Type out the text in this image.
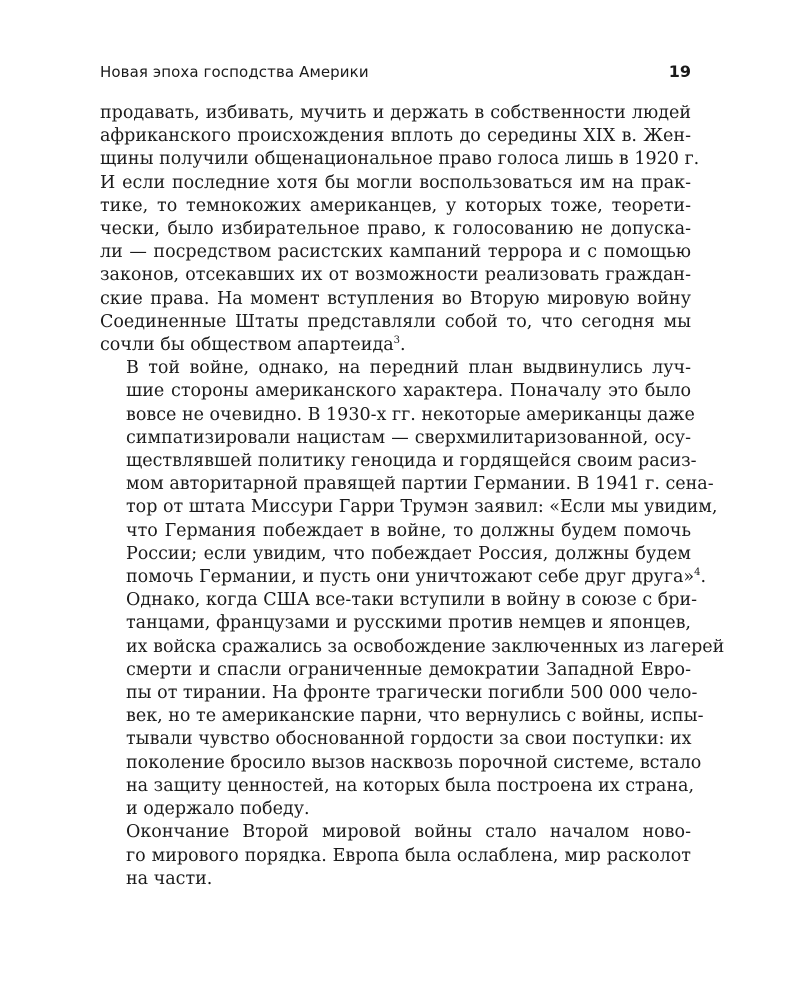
Новая эпоха господства Америки	19

продавать, избивать, мучить и держать в собственности людей
африканского происхождения вплоть до середины XIX в. Жен-
щины получили общенациональное право голоса лишь в 1920 г.
И если последние хотя бы могли воспользоваться им на прак-
тике, то темнокожих американцев, у которых тоже, теорети-
чески, было избирательное право, к голосованию не допуска-
ли — посредством расистских кампаний террора и с помощью
законов, отсекавших их от возможности реализовать граждан-
ские права. На момент вступления во Вторую мировую войну
Соединенные Штаты представляли собой то, что сегодня мы
сочли бы обществом апартеида$^3$.

В той войне, однако, на передний план выдвинулись луч-
шие стороны американского характера. Поначалу это было
вовсе не очевидно. В 1930-х гг. некоторые американцы даже
симпатизировали нацистам — сверхмилитаризованной, осу-
ществлявшей политику геноцида и гордящейся своим расиз-
мом авторитарной правящей партии Германии. В 1941 г. сена-
тор от штата Миссури Гарри Трумэн заявил: «Если мы увидим,
что Германия побеждает в войне, то должны будем помочь
России; если увидим, что побеждает Россия, должны будем
помочь Германии, и пусть они уничтожают себе друг друга»$^4$.
Однако, когда США все-таки вступили в войну в союзе с бри-
танцами, французами и русскими против немцев и японцев,
их войска сражались за освобождение заключенных из лагерей
смерти и спасли ограниченные демократии Западной Евро-
пы от тирании. На фронте трагически погибли 500 000 чело-
век, но те американские парни, что вернулись с войны, испы-
тывали чувство обоснованной гордости за свои поступки: их
поколение бросило вызов насквозь порочной системе, встало
на защиту ценностей, на которых была построена их страна,
и одержало победу.

Окончание Второй мировой войны стало началом ново-
го мирового порядка. Европа была ослаблена, мир расколот
на части.
